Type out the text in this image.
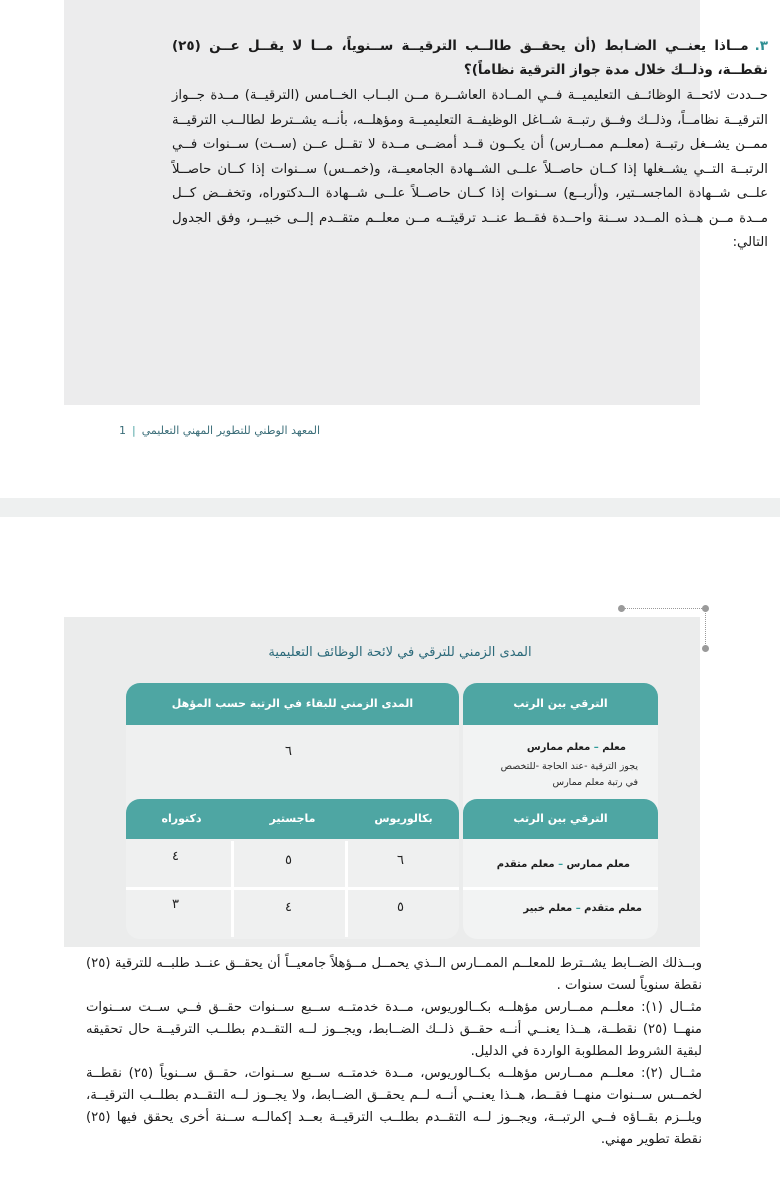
٣.مــاذا يعنــي الضـابط (أن يحقــق طالــب الترقيــة ســنوياً، مــا لا يقــل عــن (٢٥) نقطــة، وذلــك خلال مدة جواز الترقية نظاماً)؟

حــددت لائحــة الوظائــف التعليميــة فــي المــادة العاشــرة مــن البــاب الخــامس (الترقيــة) مــدة جــواز الترقيــة نظامــاً، وذلــك وفــق رتبــة شــاغل الوظيفــة التعليميــة ومؤهلــه، بأنــه يشــترط لطالــب الترقيــة ممــن يشــغل رتبــة (معلــم ممــارس) أن يكــون قــد أمضــى مــدة لا تقــل عــن (ســت) ســنوات فــي الرتبــة التــي يشــغلها إذا كــان حاصــلاً علــى الشــهادة الجامعيــة، و(خمــس) ســنوات إذا كــان حاصــلاً علــى شــهادة الماجســتير، و(أربــع) ســنوات إذا كــان حاصــلاً علــى شــهادة الــدكتوراه، وتخفــض كــل مــدة مــن هــذه المــدد ســنة واحــدة فقــط عنــد ترقيتــه مــن معلــم متقــدم إلــى خبيــر، وفق الجدول التالي:

المعهد الوطني للتطوير المهني التعليمي|1
المدى الزمني للترقي في لائحة الوظائف التعليمية
المدى الزمني للبقاء في الرتبة حسب المؤهل
٦
بكالوريوس
ماجستير
دكتوراه
٦
٥
٤
٥
٤
٣
الترقي بين الرتب
معلم – معلم ممارس
يجوز الترقية -عند الحاجة -للتخصص في رتبة معلم ممارس
الترقي بين الرتب
معلم ممارس – معلم متقدم
معلم متقدم – معلم خبير

وبــذلك الضــابط يشــترط للمعلــم الممــارس الــذي يحمــل مــؤهلاً جامعيــاً أن يحقــق عنــد طلبــه للترقية (٢٥) نقطة سنوياً لست سنوات .

مثــال (١): معلــم ممــارس مؤهلــه بكــالوريوس، مــدة خدمتــه ســبع ســنوات حقــق فــي ســت ســنوات منهــا (٢٥) نقطــة، هــذا يعنــي أنــه حقــق ذلــك الضــابط، ويجــوز لــه التقــدم بطلــب الترقيــة حال تحقيقه لبقية الشروط المطلوبة الواردة في الدليل.

مثــال (٢): معلــم ممــارس مؤهلــه بكــالوريوس، مــدة خدمتــه ســبع ســنوات، حقــق ســنوياً (٢٥) نقطــة لخمــس ســنوات منهــا فقــط، هــذا يعنــي أنــه لــم يحقــق الضــابط، ولا يجــوز لــه التقــدم بطلــب الترقيــة، ويلــزم بقــاؤه فــي الرتبــة، ويجــوز لــه التقــدم بطلــب الترقيــة بعــد إكمالــه ســنة أخرى يحقق فيها (٢٥) نقطة تطوير مهني.
